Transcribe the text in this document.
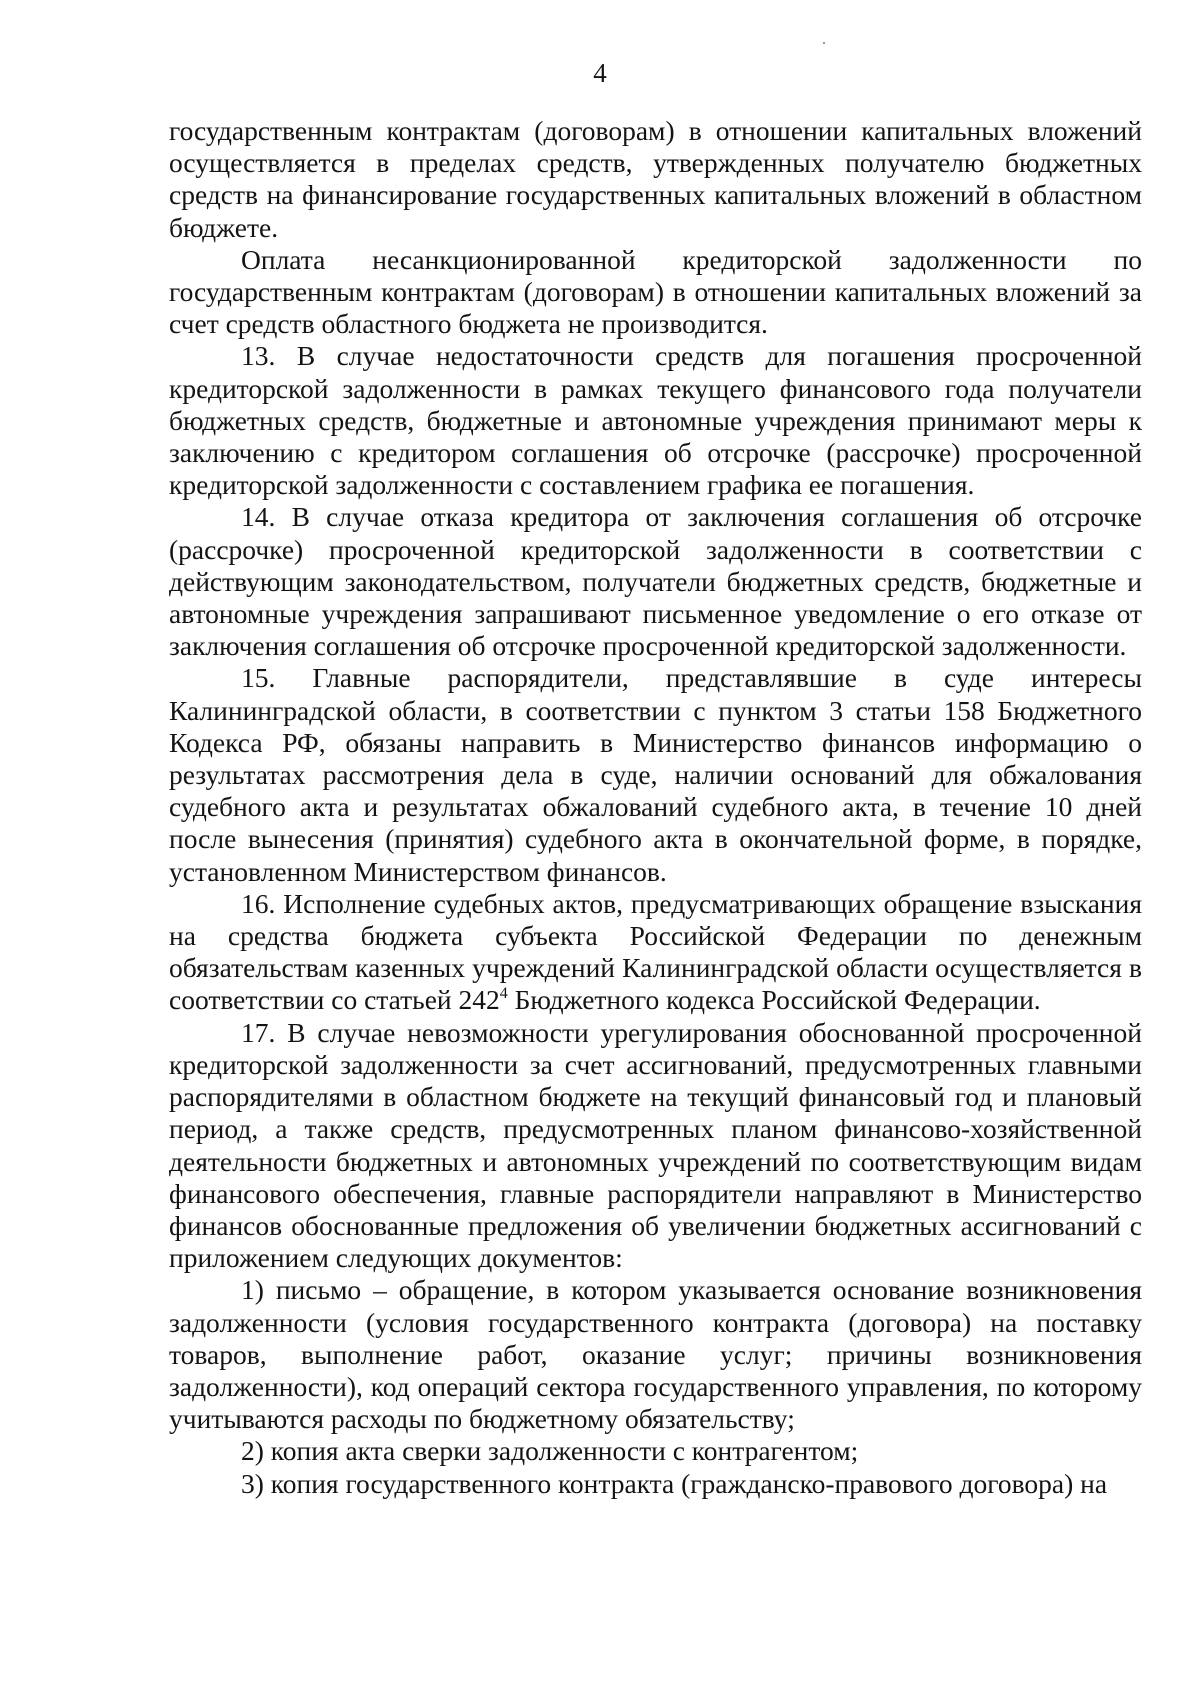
4

государственным контрактам (договорам) в отношении капитальных вложений осуществляется в пределах средств, утвержденных получателю бюджетных средств на финансирование государственных капитальных вложений в областном бюджете.

Оплата несанкционированной кредиторской задолженности по государственным контрактам (договорам) в отношении капитальных вложений за счет средств областного бюджета не производится.

13. В случае недостаточности средств для погашения просроченной кредиторской задолженности в рамках текущего финансового года получатели бюджетных средств, бюджетные и автономные учреждения принимают меры к заключению с кредитором соглашения об отсрочке (рассрочке) просроченной кредиторской задолженности с составлением графика ее погашения.

14. В случае отказа кредитора от заключения соглашения об отсрочке (рассрочке) просроченной кредиторской задолженности в соответствии с действующим законодательством, получатели бюджетных средств, бюджетные и автономные учреждения запрашивают письменное уведомление о его отказе от заключения соглашения об отсрочке просроченной кредиторской задолженности.

15. Главные распорядители, представлявшие в суде интересы Калининградской области, в соответствии с пунктом 3 статьи 158 Бюджетного Кодекса РФ, обязаны направить в Министерство финансов информацию о результатах рассмотрения дела в суде, наличии оснований для обжалования судебного акта и результатах обжалований судебного акта, в течение 10 дней после вынесения (принятия) судебного акта в окончательной форме, в порядке, установленном Министерством финансов.

16. Исполнение судебных актов, предусматривающих обращение взыскания на средства бюджета субъекта Российской Федерации по денежным обязательствам казенных учреждений Калининградской области осуществляется в соответствии со статьей $242^4$ Бюджетного кодекса Российской Федерации.

17. В случае невозможности урегулирования обоснованной просроченной кредиторской задолженности за счет ассигнований, предусмотренных главными распорядителями в областном бюджете на текущий финансовый год и плановый период, а также средств, предусмотренных планом финансово-хозяйственной деятельности бюджетных и автономных учреждений по соответствующим видам финансового обеспечения, главные распорядители направляют в Министерство финансов обоснованные предложения об увеличении бюджетных ассигнований с приложением следующих документов:

1) письмо – обращение, в котором указывается основание возникновения задолженности (условия государственного контракта (договора) на поставку товаров, выполнение работ, оказание услуг; причины возникновения задолженности), код операций сектора государственного управления, по которому учитываются расходы по бюджетному обязательству;

2) копия акта сверки задолженности с контрагентом;

3) копия государственного контракта (гражданско-правового договора) на
